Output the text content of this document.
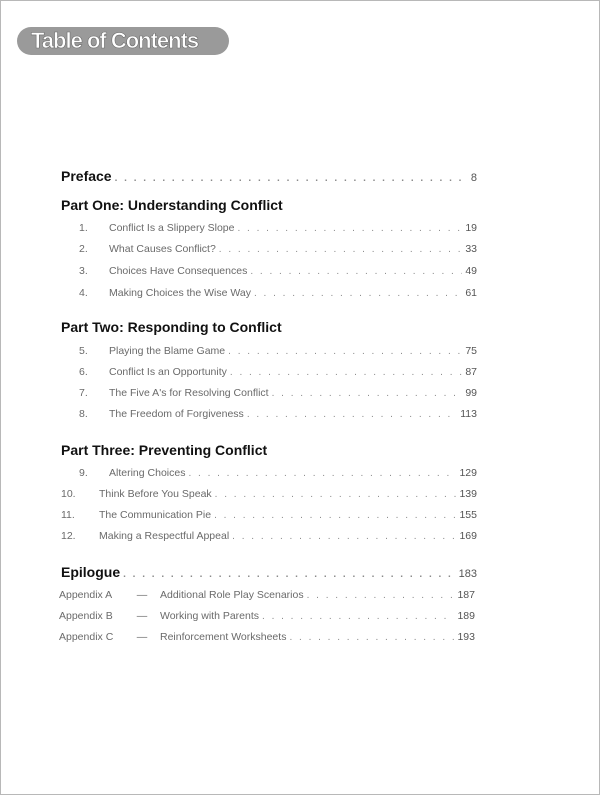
Table of Contents
Preface . . .	8
Part One: Understanding Conflict
1.	Conflict Is a Slippery Slope . . .	19
2.	What Causes Conflict? . . .	33
3.	Choices Have Consequences . . .	49
4.	Making Choices the Wise Way . . .	61
Part Two: Responding to Conflict
5.	Playing the Blame Game . . .	75
6.	Conflict Is an Opportunity . . .	87
7.	The Five A's for Resolving Conflict . . .	99
8.	The Freedom of Forgiveness . . .	113
Part Three: Preventing Conflict
9.	Altering Choices . . .	129
10.	Think Before You Speak . . .	139
11.	The Communication Pie . . .	155
12.	Making a Respectful Appeal . . .	169
Epilogue . . .	183
Appendix A	—	Additional Role Play Scenarios . . .	187
Appendix B	—	Working with Parents . . .	189
Appendix C	—	Reinforcement Worksheets . . .	193
